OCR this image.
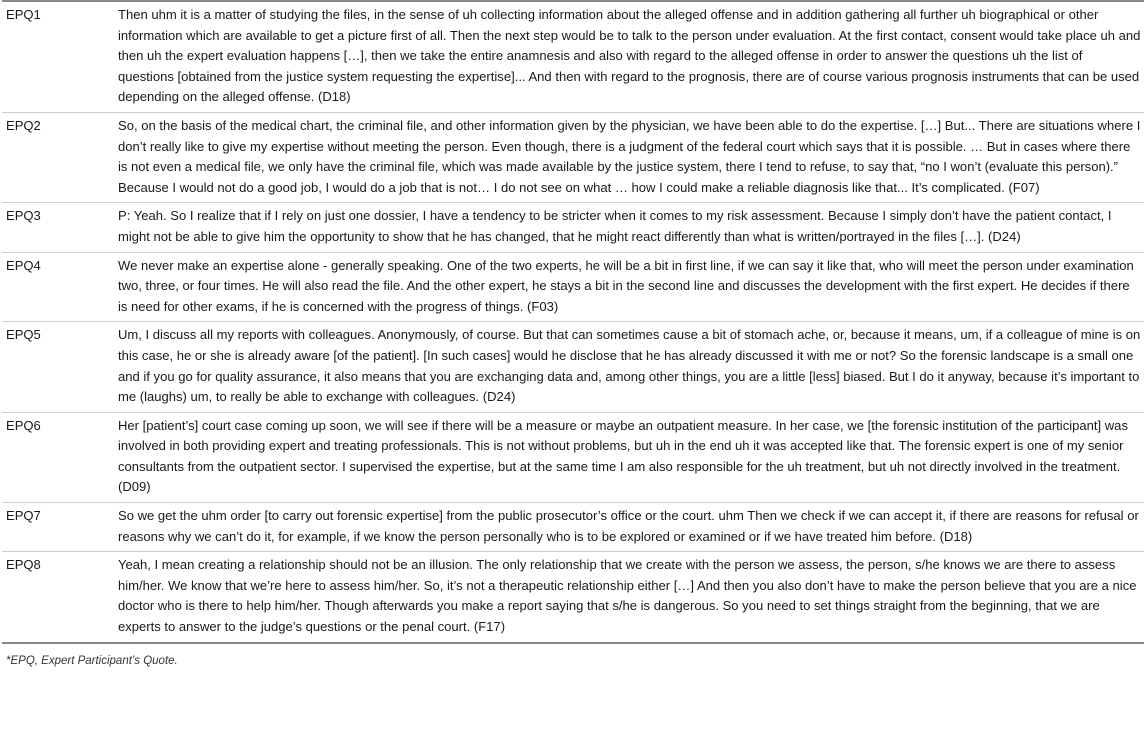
EPQ1	Then uhm it is a matter of studying the files, in the sense of uh collecting information about the alleged offense and in addition gathering all further uh biographical or other information which are available to get a picture first of all. Then the next step would be to talk to the person under evaluation. At the first contact, consent would take place uh and then uh the expert evaluation happens […], then we take the entire anamnesis and also with regard to the alleged offense in order to answer the questions uh the list of questions [obtained from the justice system requesting the expertise]... And then with regard to the prognosis, there are of course various prognosis instruments that can be used depending on the alleged offense. (D18)
EPQ2	So, on the basis of the medical chart, the criminal file, and other information given by the physician, we have been able to do the expertise. […] But... There are situations where I don’t really like to give my expertise without meeting the person. Even though, there is a judgment of the federal court which says that it is possible. … But in cases where there is not even a medical file, we only have the criminal file, which was made available by the justice system, there I tend to refuse, to say that, “no I won’t (evaluate this person).” Because I would not do a good job, I would do a job that is not… I do not see on what … how I could make a reliable diagnosis like that... It’s complicated. (F07)
EPQ3	P: Yeah. So I realize that if I rely on just one dossier, I have a tendency to be stricter when it comes to my risk assessment. Because I simply don’t have the patient contact, I might not be able to give him the opportunity to show that he has changed, that he might react differently than what is written/portrayed in the files […]. (D24)
EPQ4	We never make an expertise alone - generally speaking. One of the two experts, he will be a bit in first line, if we can say it like that, who will meet the person under examination two, three, or four times. He will also read the file. And the other expert, he stays a bit in the second line and discusses the development with the first expert. He decides if there is need for other exams, if he is concerned with the progress of things. (F03)
EPQ5	Um, I discuss all my reports with colleagues. Anonymously, of course. But that can sometimes cause a bit of stomach ache, or, because it means, um, if a colleague of mine is on this case, he or she is already aware [of the patient]. [In such cases] would he disclose that he has already discussed it with me or not? So the forensic landscape is a small one and if you go for quality assurance, it also means that you are exchanging data and, among other things, you are a little [less] biased. But I do it anyway, because it’s important to me (laughs) um, to really be able to exchange with colleagues. (D24)
EPQ6	Her [patient’s] court case coming up soon, we will see if there will be a measure or maybe an outpatient measure. In her case, we [the forensic institution of the participant] was involved in both providing expert and treating professionals. This is not without problems, but uh in the end uh it was accepted like that. The forensic expert is one of my senior consultants from the outpatient sector. I supervised the expertise, but at the same time I am also responsible for the uh treatment, but uh not directly involved in the treatment. (D09)
EPQ7	So we get the uhm order [to carry out forensic expertise] from the public prosecutor’s office or the court. uhm Then we check if we can accept it, if there are reasons for refusal or reasons why we can’t do it, for example, if we know the person personally who is to be explored or examined or if we have treated him before. (D18)
EPQ8	Yeah, I mean creating a relationship should not be an illusion. The only relationship that we create with the person we assess, the person, s/he knows we are there to assess him/her. We know that we’re here to assess him/her. So, it’s not a therapeutic relationship either […] And then you also don’t have to make the person believe that you are a nice doctor who is there to help him/her. Though afterwards you make a report saying that s/he is dangerous. So you need to set things straight from the beginning, that we are experts to answer to the judge’s questions or the penal court. (F17)
*EPQ, Expert Participant’s Quote.
